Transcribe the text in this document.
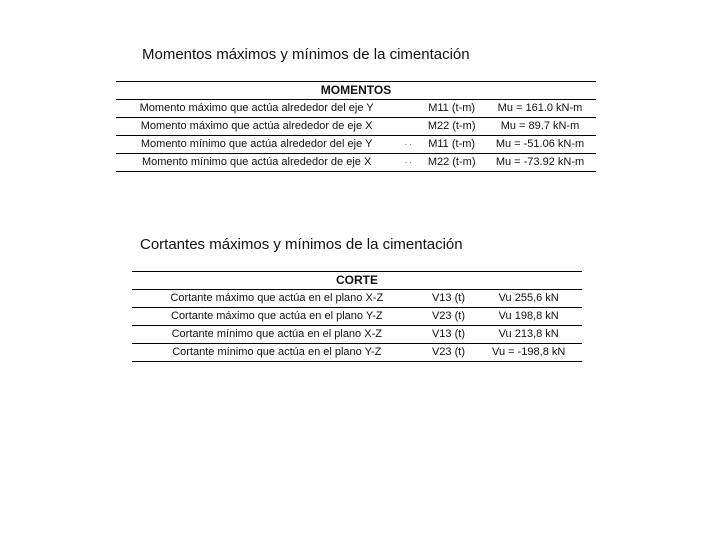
Momentos máximos y mínimos de la cimentación
MOMENTOS			
Momento máximo que actúa alrededor del eje Y		M11 (t-m)	Mu = 161.0 kN-m
Momento máximo que actúa alrededor de eje X		M22 (t-m)	Mu = 89.7 kN-m
Momento mínimo que actúa alrededor del eje Y	· ·	M11 (t-m)	Mu = -51.06 kN-m
Momento mínimo que actúa alrededor de eje X	· ·	M22 (t-m)	Mu = -73.92 kN-m
Cortantes máximos y mínimos de la cimentación
CORTE		
Cortante máximo que actúa en el plano X-Z	V13 (t)	Vu 255,6 kN
Cortante máximo que actúa en el plano Y-Z	V23 (t)	Vu 198,8 kN
Cortante mínimo que actúa en el plano X-Z	V13 (t)	Vu 213,8 kN
Cortante mínimo que actúa en el plano Y-Z	V23 (t)	Vu = -198,8 kN
